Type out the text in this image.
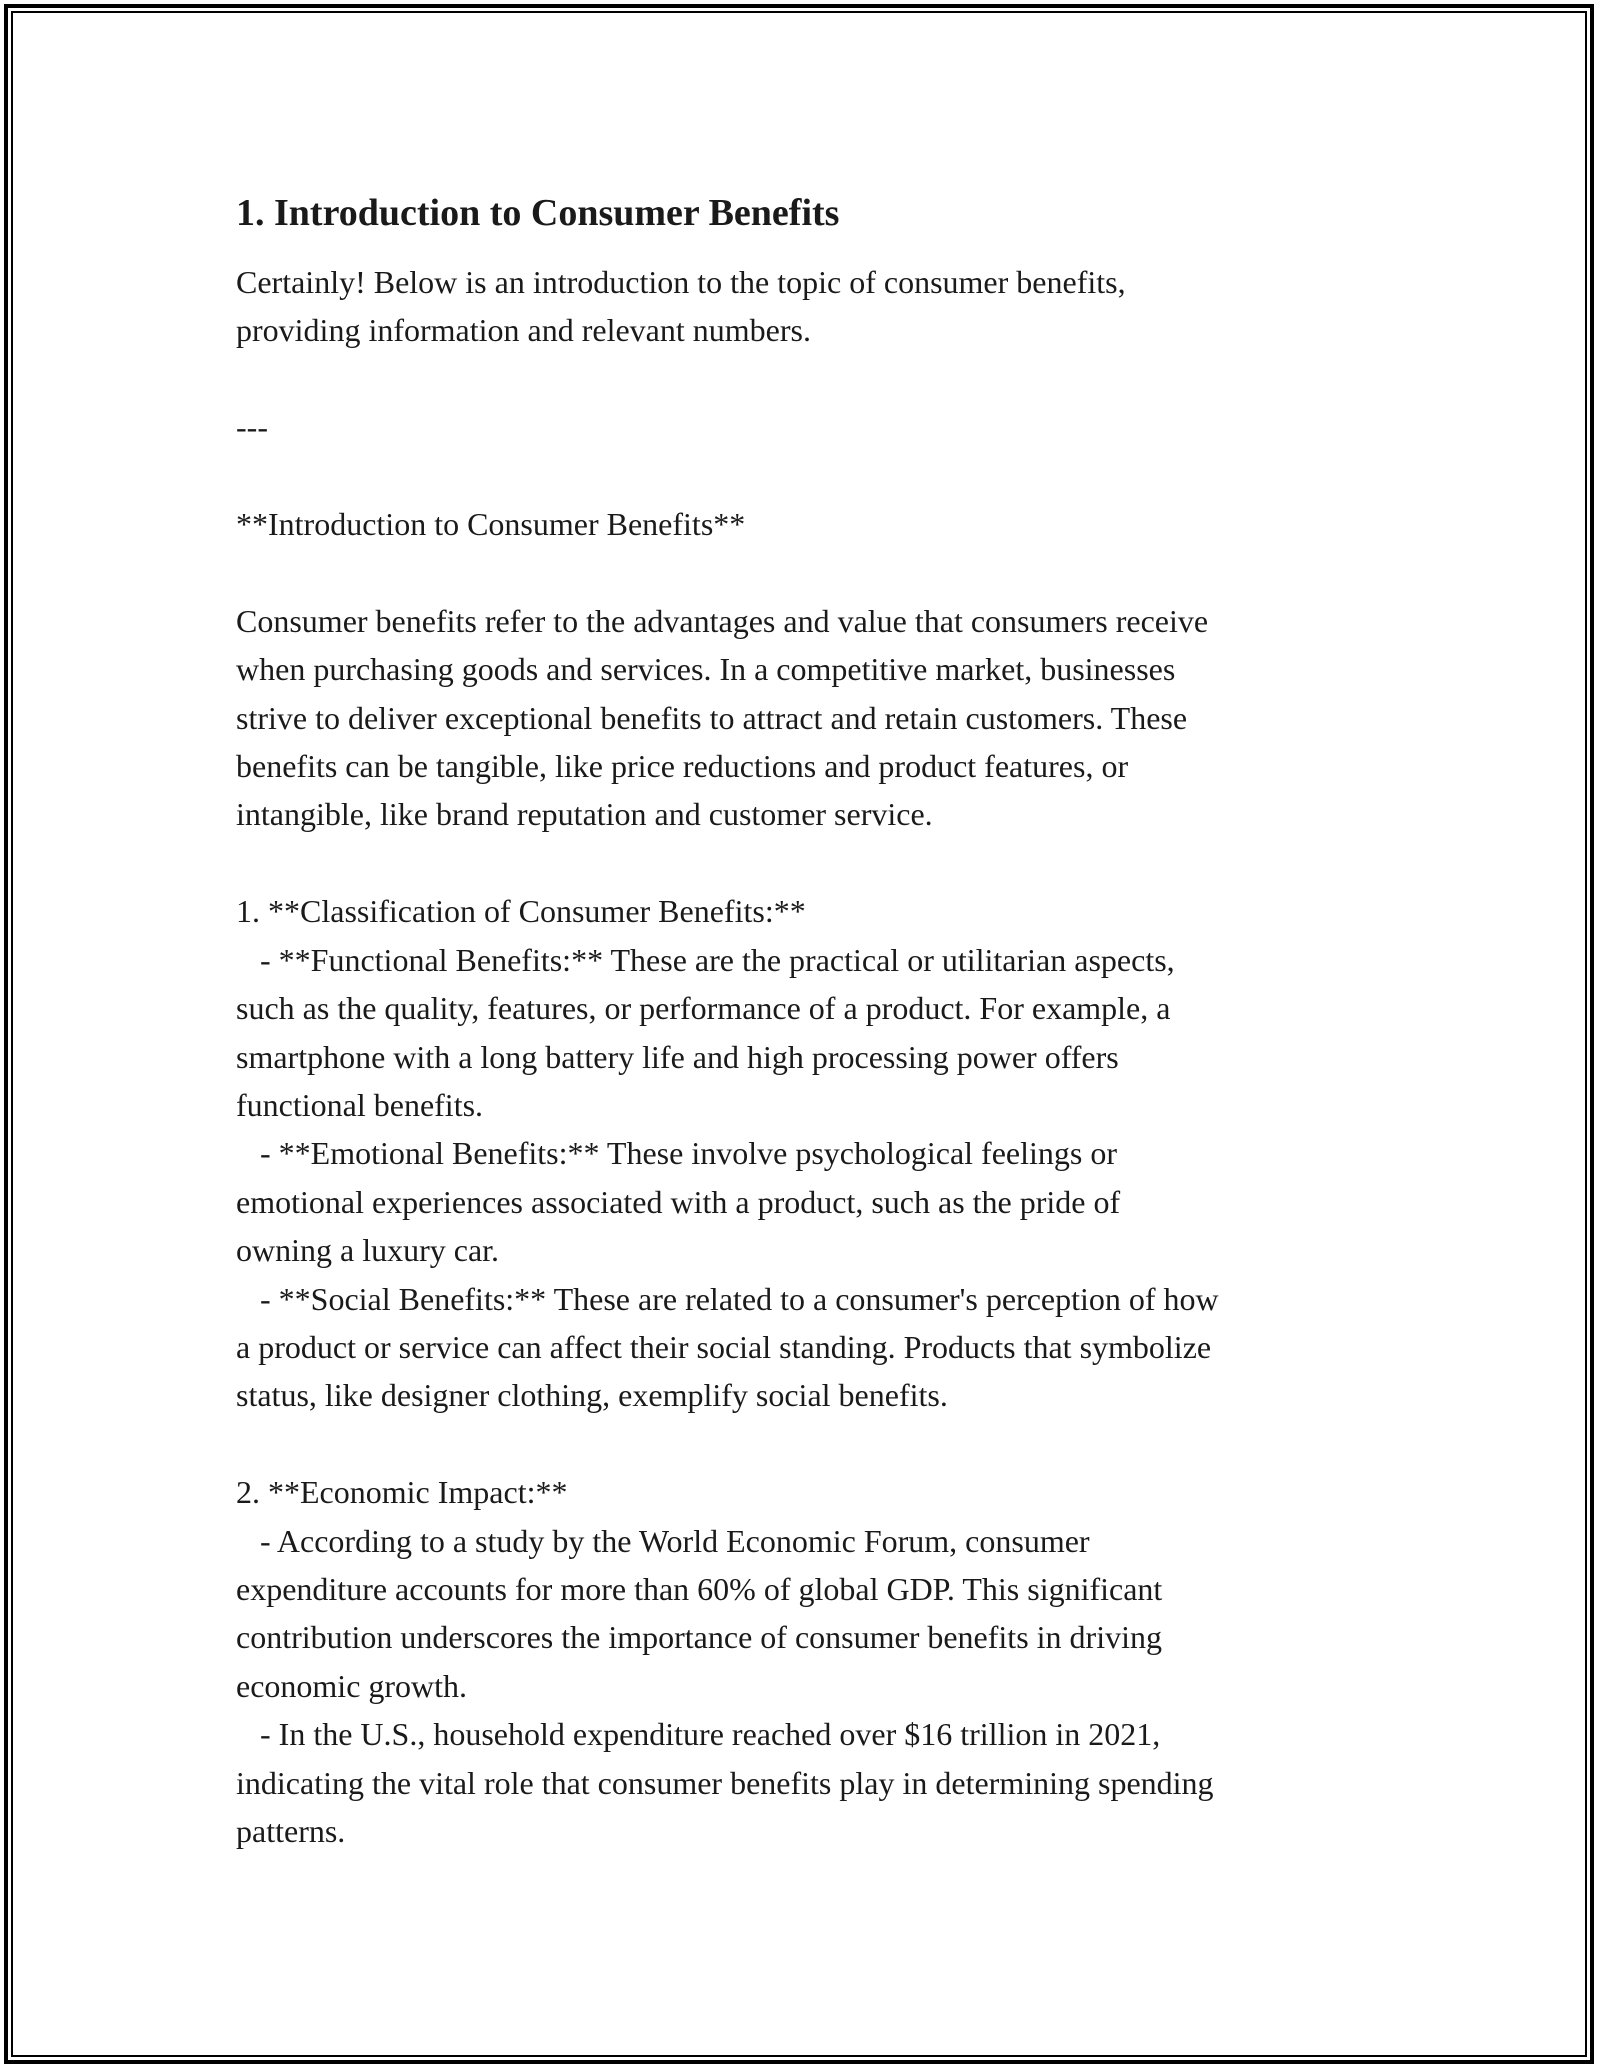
1. Introduction to Consumer Benefits

Certainly! Below is an introduction to the topic of consumer benefits,
providing information and relevant numbers.

---

**Introduction to Consumer Benefits**

Consumer benefits refer to the advantages and value that consumers receive
when purchasing goods and services. In a competitive market, businesses
strive to deliver exceptional benefits to attract and retain customers. These
benefits can be tangible, like price reductions and product features, or
intangible, like brand reputation and customer service.

1. **Classification of Consumer Benefits:**
- **Functional Benefits:** These are the practical or utilitarian aspects,
such as the quality, features, or performance of a product. For example, a
smartphone with a long battery life and high processing power offers
functional benefits.
- **Emotional Benefits:** These involve psychological feelings or
emotional experiences associated with a product, such as the pride of
owning a luxury car.
- **Social Benefits:** These are related to a consumer's perception of how
a product or service can affect their social standing. Products that symbolize
status, like designer clothing, exemplify social benefits.

2. **Economic Impact:**
- According to a study by the World Economic Forum, consumer
expenditure accounts for more than 60% of global GDP. This significant
contribution underscores the importance of consumer benefits in driving
economic growth.
- In the U.S., household expenditure reached over $16 trillion in 2021,
indicating the vital role that consumer benefits play in determining spending
patterns.
